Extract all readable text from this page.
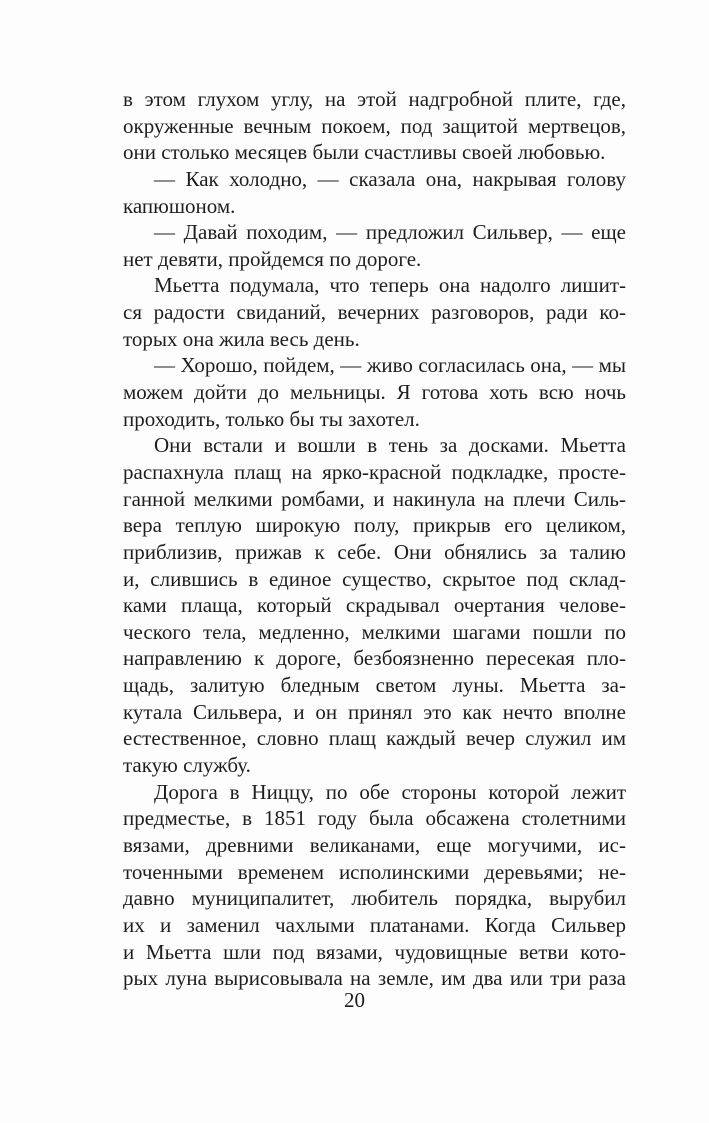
в этом глухом углу, на этой надгробной плите, где,
окруженные вечным покоем, под защитой мертвецов,
они столько месяцев были счастливы своей любовью.
— Как холодно, — сказала она, накрывая голову
капюшоном.
— Давай походим, — предложил Сильвер, — еще
нет девяти, пройдемся по дороге.
Мьетта подумала, что теперь она надолго лишит-
ся радости свиданий, вечерних разговоров, ради ко-
торых она жила весь день.
— Хорошо, пойдем, — живо согласилась она, — мы
можем дойти до мельницы. Я готова хоть всю ночь
проходить, только бы ты захотел.
Они встали и вошли в тень за досками. Мьетта
распахнула плащ на ярко-красной подкладке, просте-
ганной мелкими ромбами, и накинула на плечи Силь-
вера теплую широкую полу, прикрыв его целиком,
приблизив, прижав к себе. Они обнялись за талию
и, слившись в единое существо, скрытое под склад-
ками плаща, который скрадывал очертания челове-
ческого тела, медленно, мелкими шагами пошли по
направлению к дороге, безбоязненно пересекая пло-
щадь, залитую бледным светом луны. Мьетта за-
кутала Сильвера, и он принял это как нечто вполне
естественное, словно плащ каждый вечер служил им
такую службу.
Дорога в Ниццу, по обе стороны которой лежит
предместье, в 1851 году была обсажена столетними
вязами, древними великанами, еще могучими, ис-
точенными временем исполинскими деревьями; не-
давно муниципалитет, любитель порядка, вырубил
их и заменил чахлыми платанами. Когда Сильвер
и Мьетта шли под вязами, чудовищные ветви кото-
рых луна вырисовывала на земле, им два или три раза
20
